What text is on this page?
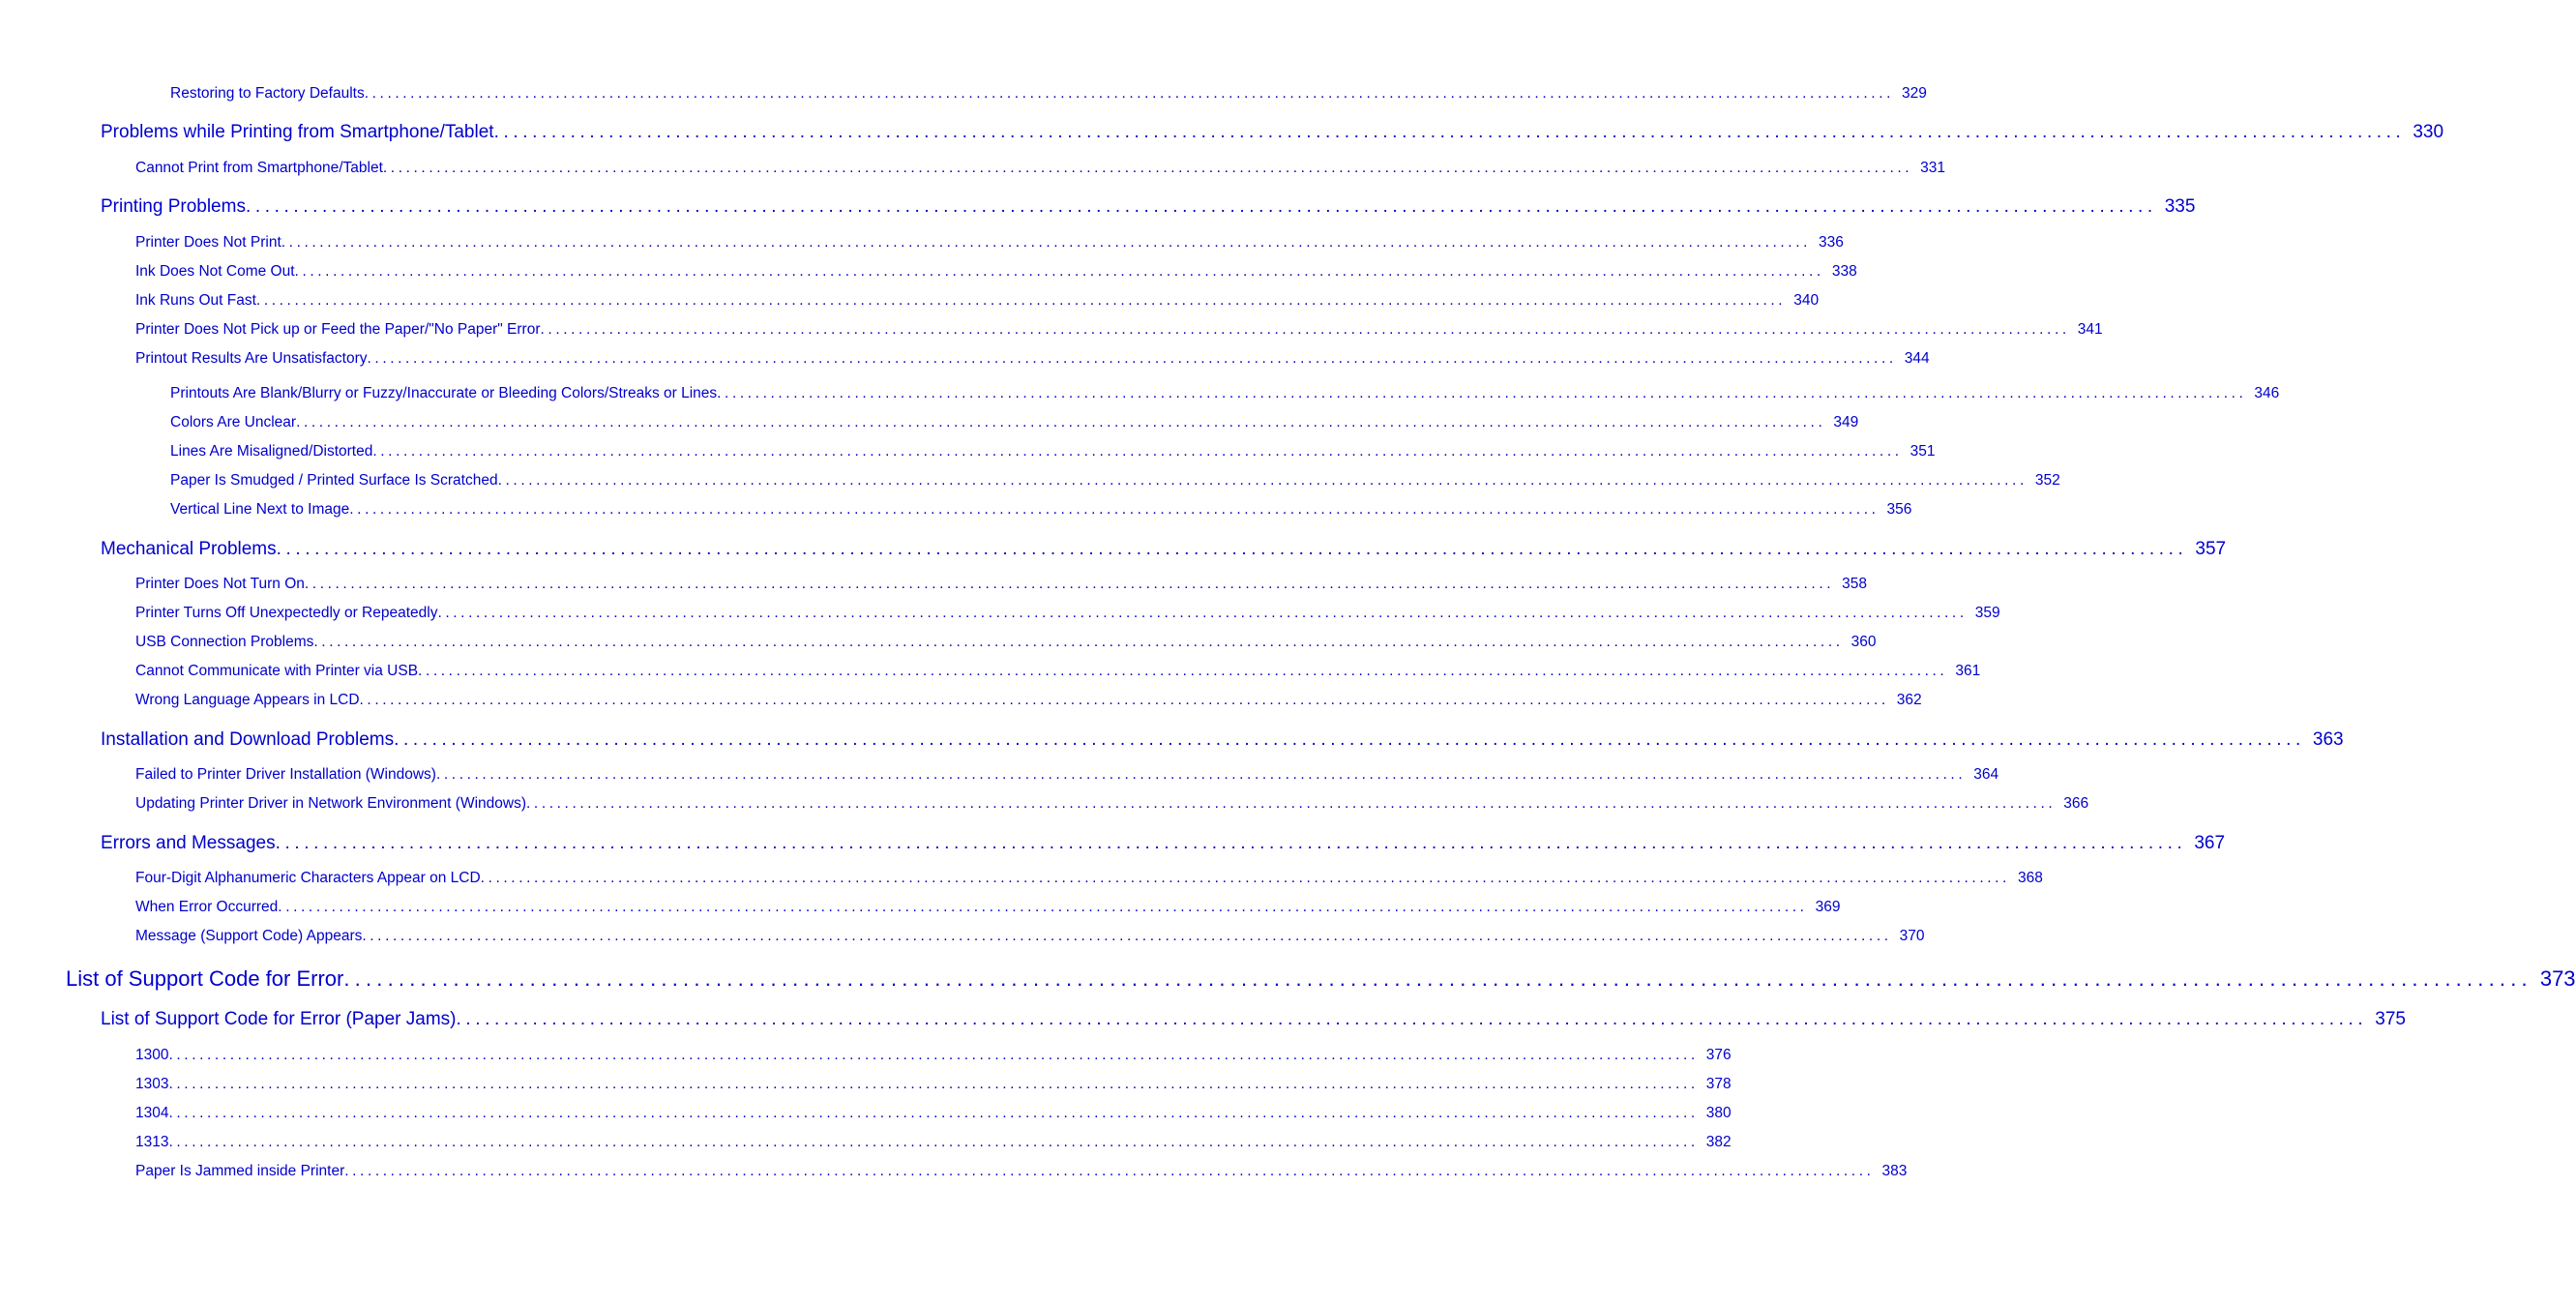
Restoring to Factory Defaults ........................................................................................................................................................................................................ 329
Problems while Printing from Smartphone/Tablet ........................................................................................................................................................................................................ 330
Cannot Print from Smartphone/Tablet ........................................................................................................................................................................................................ 331
Printing Problems ........................................................................................................................................................................................................ 335
Printer Does Not Print ........................................................................................................................................................................................................ 336
Ink Does Not Come Out ........................................................................................................................................................................................................ 338
Ink Runs Out Fast ........................................................................................................................................................................................................ 340
Printer Does Not Pick up or Feed the Paper/"No Paper" Error ........................................................................................................................................................................................................ 341
Printout Results Are Unsatisfactory ........................................................................................................................................................................................................ 344
Printouts Are Blank/Blurry or Fuzzy/Inaccurate or Bleeding Colors/Streaks or Lines ........................................................................................................................................................................................................ 346
Colors Are Unclear ........................................................................................................................................................................................................ 349
Lines Are Misaligned/Distorted ........................................................................................................................................................................................................ 351
Paper Is Smudged / Printed Surface Is Scratched ........................................................................................................................................................................................................ 352
Vertical Line Next to Image ........................................................................................................................................................................................................ 356
Mechanical Problems ........................................................................................................................................................................................................ 357
Printer Does Not Turn On ........................................................................................................................................................................................................ 358
Printer Turns Off Unexpectedly or Repeatedly ........................................................................................................................................................................................................ 359
USB Connection Problems ........................................................................................................................................................................................................ 360
Cannot Communicate with Printer via USB ........................................................................................................................................................................................................ 361
Wrong Language Appears in LCD ........................................................................................................................................................................................................ 362
Installation and Download Problems ........................................................................................................................................................................................................ 363
Failed to Printer Driver Installation (Windows) ........................................................................................................................................................................................................ 364
Updating Printer Driver in Network Environment (Windows) ........................................................................................................................................................................................................ 366
Errors and Messages ........................................................................................................................................................................................................ 367
Four-Digit Alphanumeric Characters Appear on LCD ........................................................................................................................................................................................................ 368
When Error Occurred ........................................................................................................................................................................................................ 369
Message (Support Code) Appears ........................................................................................................................................................................................................ 370
List of Support Code for Error ........................................................................................................................................................................................................ 373
List of Support Code for Error (Paper Jams) ........................................................................................................................................................................................................ 375
1300 ........................................................................................................................................................................................................ 376
1303 ........................................................................................................................................................................................................ 378
1304 ........................................................................................................................................................................................................ 380
1313 ........................................................................................................................................................................................................ 382
Paper Is Jammed inside Printer ........................................................................................................................................................................................................ 383
